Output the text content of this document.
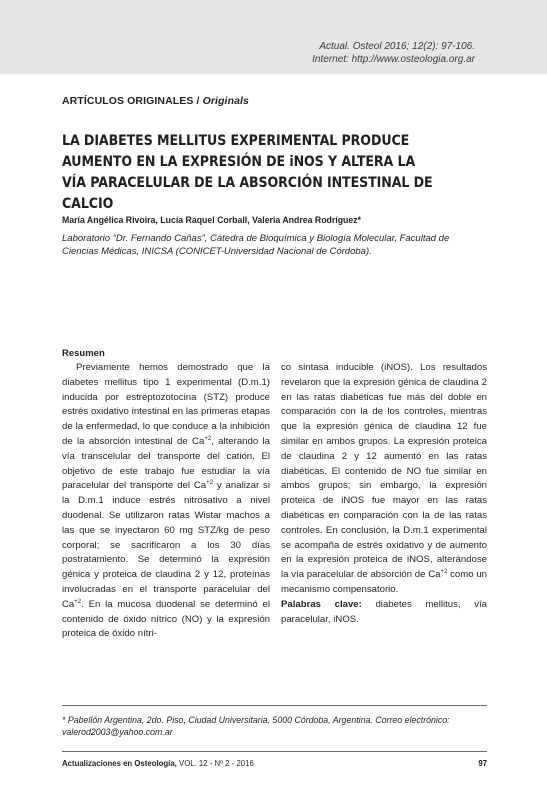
Actual. Osteol 2016; 12(2): 97-106.
Internet: http://www.osteologia.org.ar
ARTÍCULOS ORIGINALES / Originals
LA DIABETES MELLITUS EXPERIMENTAL PRODUCE AUMENTO EN LA EXPRESIÓN DE iNOS Y ALTERA LA VÍA PARACELULAR DE LA ABSORCIÓN INTESTINAL DE CALCIO
María Angélica Rivoira, Lucía Raquel Corball, Valeria Andrea Rodríguez*
Laboratorio “Dr. Fernando Cañas”, Cátedra de Bioquímica y Biología Molecular, Facultad de Ciencias Médicas, INICSA (CONICET-Universidad Nacional de Córdoba).
Resumen

Previamente hemos demostrado que la diabetes mellitus tipo 1 experimental (D.m.1) inducida por estreptozotocina (STZ) produce estrés oxidativo intestinal en las primeras etapas de la enfermedad, lo que conduce a la inhibición de la absorción intestinal de $Ca^{+2}$, alterando la vía transcelular del transporte del catión. El objetivo de este trabajo fue estudiar la vía paracelular del transporte del $Ca^{+2}$ y analizar si la D.m.1 induce estrés nitrosativo a nivel duodenal. Se utilizaron ratas Wistar machos a las que se inyectaron 60 mg STZ/kg de peso corporal; se sacrificaron a los 30 días postratamiento. Se determinó la expresión génica y proteica de claudina 2 y 12, proteínas involucradas en el transporte paracelular del $Ca^{+2}$. En la mucosa duodenal se determinó el contenido de óxido nítrico (NO) y la expresión proteica de óxido nítri-

co sintasa inducible (iNOS). Los resultados revelaron que la expresión génica de claudina 2 en las ratas diabéticas fue más del doble en comparación con la de los controles, mientras que la expresión génica de claudina 12 fue similar en ambos grupos. La expresión proteica de claudina 2 y 12 aumentó en las ratas diabéticas. El contenido de NO fue similar en ambos grupos; sin embargo, la expresión proteica de iNOS fue mayor en las ratas diabéticas en comparación con la de las ratas controles. En conclusión, la D.m.1 experimental se acompaña de estrés oxidativo y de aumento en la expresión proteica de iNOS, alterándose la vía paracelular de absorción de $Ca^{+2}$ como un mecanismo compensatorio.

Palabras clave: diabetes mellitus, vía paracelular, iNOS.

* Pabellón Argentina, 2do. Piso, Ciudad Universitaria, 5000 Córdoba, Argentina. Correo electrónico: valerod2003@yahoo.com.ar
Actualizaciones en Osteología, VOL. 12 - Nº 2 - 2016	97
